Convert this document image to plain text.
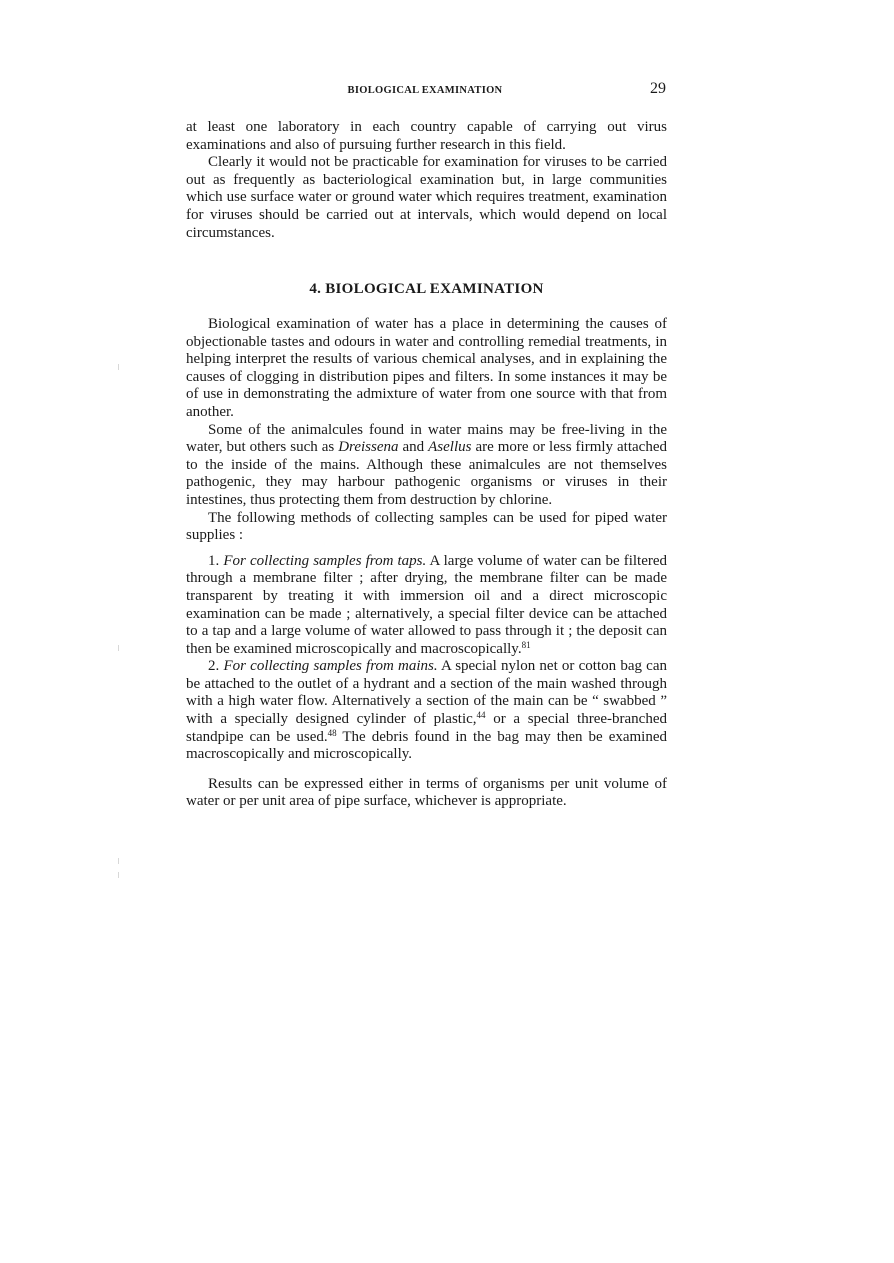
BIOLOGICAL EXAMINATION	29

at least one laboratory in each country capable of carrying out virus examinations and also of pursuing further research in this field.

Clearly it would not be practicable for examination for viruses to be carried out as frequently as bacteriological examination but, in large communities which use surface water or ground water which requires treatment, examination for viruses should be carried out at intervals, which would depend on local circumstances.

4. BIOLOGICAL EXAMINATION

Biological examination of water has a place in determining the causes of objectionable tastes and odours in water and controlling remedial treatments, in helping interpret the results of various chemical analyses, and in explaining the causes of clogging in distribution pipes and filters. In some instances it may be of use in demonstrating the admixture of water from one source with that from another.

Some of the animalcules found in water mains may be free-living in the water, but others such as Dreissena and Asellus are more or less firmly attached to the inside of the mains. Although these animalcules are not themselves pathogenic, they may harbour pathogenic organisms or viruses in their intestines, thus protecting them from destruction by chlorine.

The following methods of collecting samples can be used for piped water supplies :

1. For collecting samples from taps. A large volume of water can be filtered through a membrane filter ; after drying, the membrane filter can be made transparent by treating it with immersion oil and a direct microscopic examination can be made ; alternatively, a special filter device can be attached to a tap and a large volume of water allowed to pass through it ; the deposit can then be examined microscopically and macroscopically.$^{81}$

2. For collecting samples from mains. A special nylon net or cotton bag can be attached to the outlet of a hydrant and a section of the main washed through with a high water flow. Alternatively a section of the main can be “ swabbed ” with a specially designed cylinder of plastic,$^{44}$ or a special three-branched standpipe can be used.$^{48}$ The debris found in the bag may then be examined macroscopically and microscopically.

Results can be expressed either in terms of organisms per unit volume of water or per unit area of pipe surface, whichever is appropriate.
